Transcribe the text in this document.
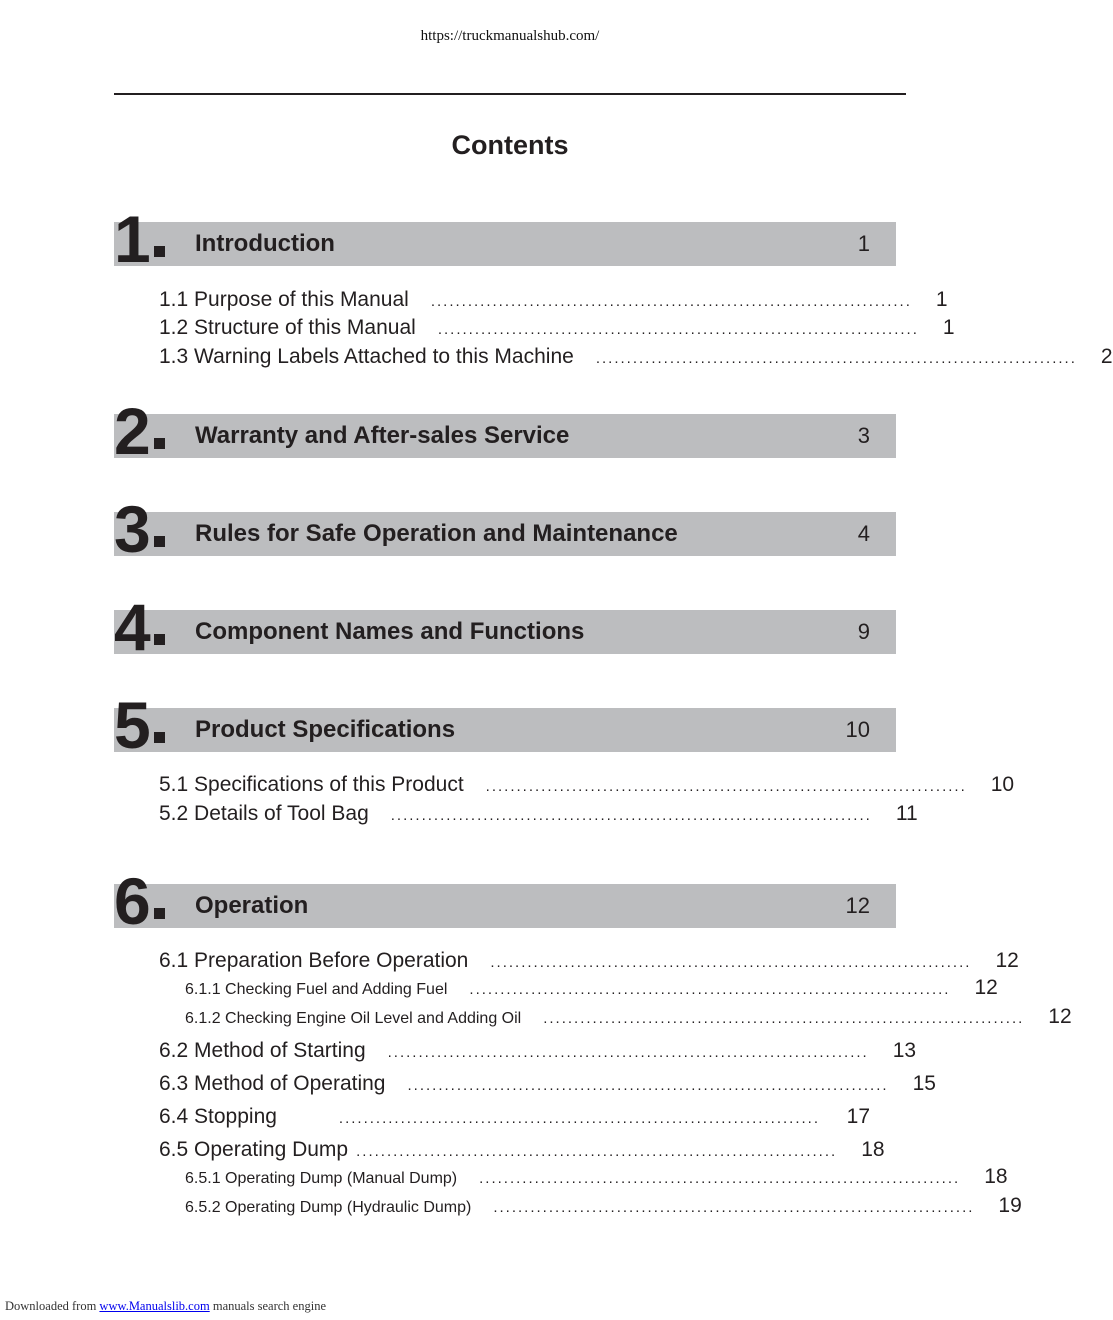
https://truckmanualshub.com/
Contents
1 Introduction	1
1.1 Purpose of this Manual	.............................................................................. 1
1.2 Structure of this Manual	.............................................................................. 1
1.3 Warning Labels Attached to this Machine	.............................................................................. 2
2 Warranty and After-sales Service	3
3 Rules for Safe Operation and Maintenance	4
4 Component Names and Functions	9
5 Product Specifications	10
5.1 Specifications of this Product	.............................................................................. 10
5.2 Details of Tool Bag	.............................................................................. 11
6 Operation	12
6.1 Preparation Before Operation	.............................................................................. 12
6.1.1 Checking Fuel and Adding Fuel	.............................................................................. 12
6.1.2 Checking Engine Oil Level and Adding Oil	.............................................................................. 12
6.2 Method of Starting	.............................................................................. 13
6.3 Method of Operating	.............................................................................. 15
6.4 Stopping	.............................................................................. 17
6.5 Operating Dump .............................................................................. 18
6.5.1 Operating Dump (Manual Dump)	.............................................................................. 18
6.5.2 Operating Dump (Hydraulic Dump)	.............................................................................. 19
Downloaded from www.Manualslib.com manuals search engine
